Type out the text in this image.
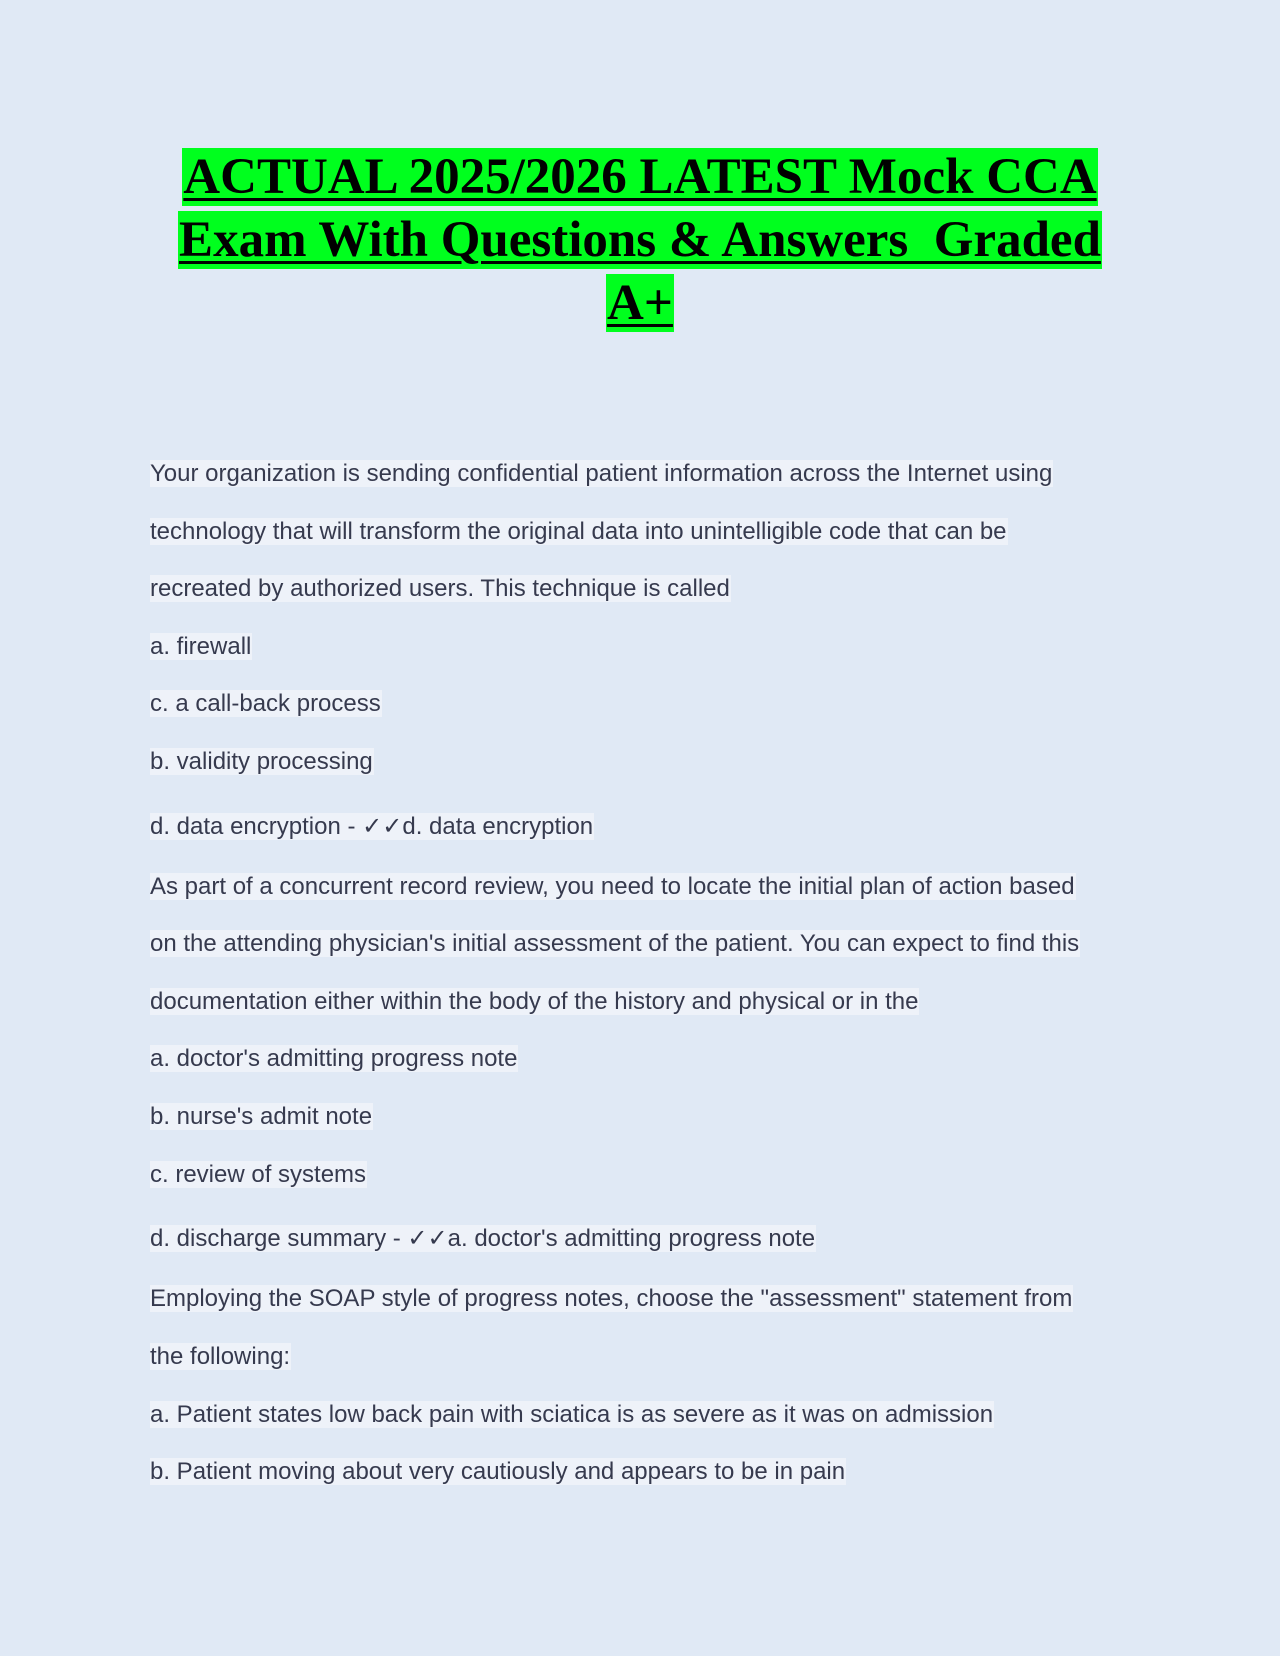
ACTUAL 2025/2026 LATEST Mock CCA
Exam With Questions & Answers  Graded
A+
Your organization is sending confidential patient information across the Internet using
technology that will transform the original data into unintelligible code that can be
recreated by authorized users. This technique is called
a. firewall
c. a call-back process
b. validity processing
d. data encryption - ✓✓d. data encryption
As part of a concurrent record review, you need to locate the initial plan of action based
on the attending physician's initial assessment of the patient. You can expect to find this
documentation either within the body of the history and physical or in the
a. doctor's admitting progress note
b. nurse's admit note
c. review of systems
d. discharge summary - ✓✓a. doctor's admitting progress note
Employing the SOAP style of progress notes, choose the "assessment" statement from
the following:
a. Patient states low back pain with sciatica is as severe as it was on admission
b. Patient moving about very cautiously and appears to be in pain
